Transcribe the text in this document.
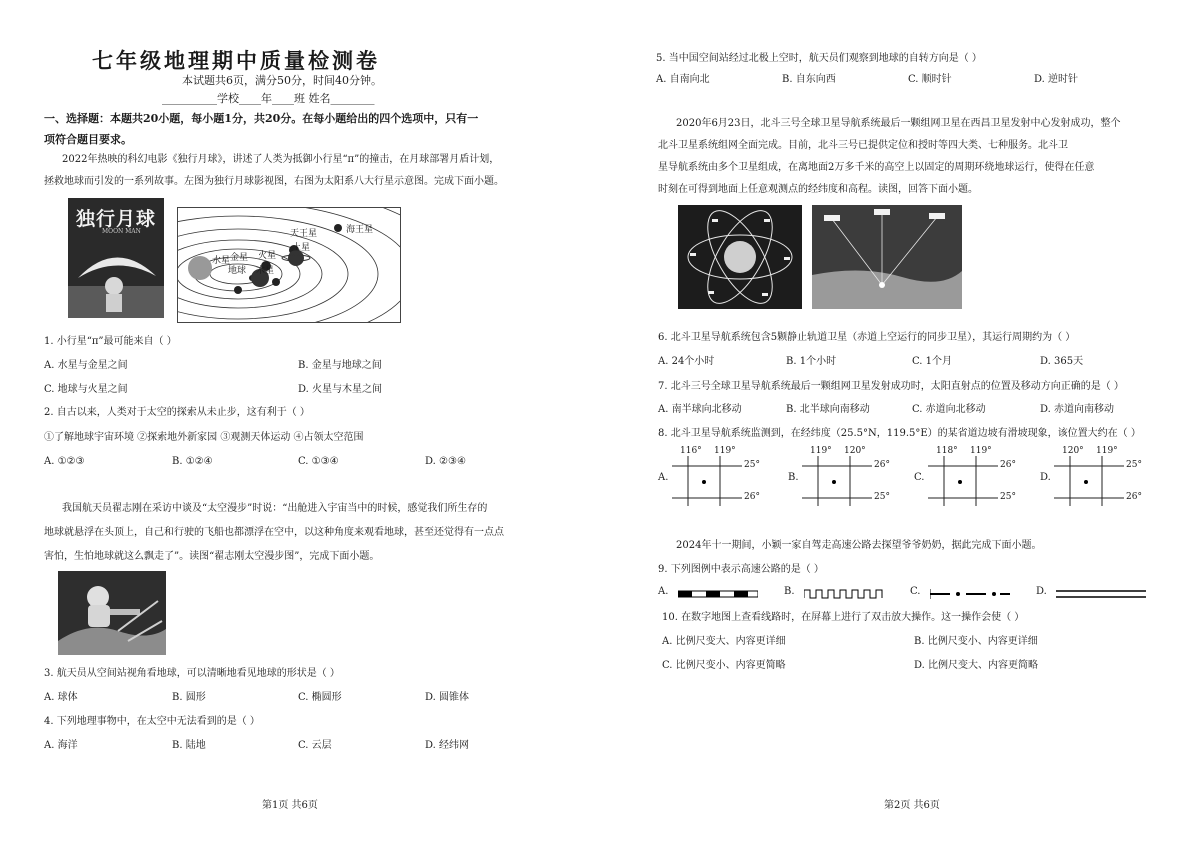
七年级地理期中质量检测卷
本试题共6页，满分50分，时间40分钟。
__________学校____年____班 姓名________
一、选择题：本题共20小题，每小题1分，共20分。在每小题给出的四个选项中，只有一
项符合题目要求。
2022年热映的科幻电影《独行月球》，讲述了人类为抵御小行星“π”的撞击，在月球部署月盾计划，
拯救地球而引发的一系列故事。左图为独行月球影视图，右图为太阳系八大行星示意图。完成下面小题。
独行月球
MOON MAN	天王星	海王星
土星
金星 火星
地球 木星
水星
1. 小行星“π”最可能来自（ ）
A. 水星与金星之间	B. 金星与地球之间
C. 地球与火星之间	D. 火星与木星之间
2. 自古以来，人类对于太空的探索从未止步，这有利于（ ）
①了解地球宇宙环境 ②探索地外新家园 ③观测天体运动 ④占领太空范围
A. ①②③	B. ①②④	C. ①③④	D. ②③④
我国航天员翟志刚在采访中谈及“太空漫步”时说：“出舱进入宇宙当中的时候，感觉我们所生存的
地球就悬浮在头顶上，自己和行驶的飞船也都漂浮在空中，以这种角度来观看地球，甚至还觉得有一点点
害怕，生怕地球就这么飘走了”。读图“翟志刚太空漫步图”，完成下面小题。
3. 航天员从空间站视角看地球，可以清晰地看见地球的形状是（ ）
A. 球体	B. 圆形	C. 椭圆形	D. 圆锥体
4. 下列地理事物中，在太空中无法看到的是（ ）
A. 海洋	B. 陆地	C. 云层	D. 经纬网
第1页 共6页
5. 当中国空间站经过北极上空时，航天员们观察到地球的自转方向是（ ）
A. 自南向北	B. 自东向西	C. 顺时针	D. 逆时针
2020年6月23日，北斗三号全球卫星导航系统最后一颗组网卫星在西昌卫星发射中心发射成功，整个
北斗卫星系统组网全面完成。目前，北斗三号已提供定位和授时等四大类、七种服务。北斗卫
星导航系统由多个卫星组成，在离地面2万多千米的高空上以固定的周期环绕地球运行，使得在任意
时刻在可得到地面上任意观测点的经纬度和高程。读图，回答下面小题。
6. 北斗卫星导航系统包含5颗静止轨道卫星（赤道上空运行的同步卫星），其运行周期约为（ ）
A. 24个小时	B. 1个小时	C. 1个月	D. 365天
7. 北斗三号全球卫星导航系统最后一颗组网卫星发射成功时，太阳直射点的位置及移动方向正确的是（ ）
A. 南半球向北移动	B. 北半球向南移动	C. 赤道向北移动	D. 赤道向南移动
8. 北斗卫星导航系统监测到，在经纬度（25.5°N，119.5°E）的某省道边坡有滑坡现象，该位置大约在（ ）
A.
116° 119°
25°
26°
B.
119° 120°
26°
25°
C.
118° 119°
26°
25°
D.
120° 119°
25°
26°
2024年十一期间，小颖一家自驾走高速公路去探望爷爷奶奶，据此完成下面小题。
9. 下列图例中表示高速公路的是（ ）
A.	B.	C.	D.
10. 在数字地图上查看线路时，在屏幕上进行了双击放大操作。这一操作会使（ ）
A. 比例尺变大、内容更详细	B. 比例尺变小、内容更详细
C. 比例尺变小、内容更简略	D. 比例尺变大、内容更简略
第2页 共6页
